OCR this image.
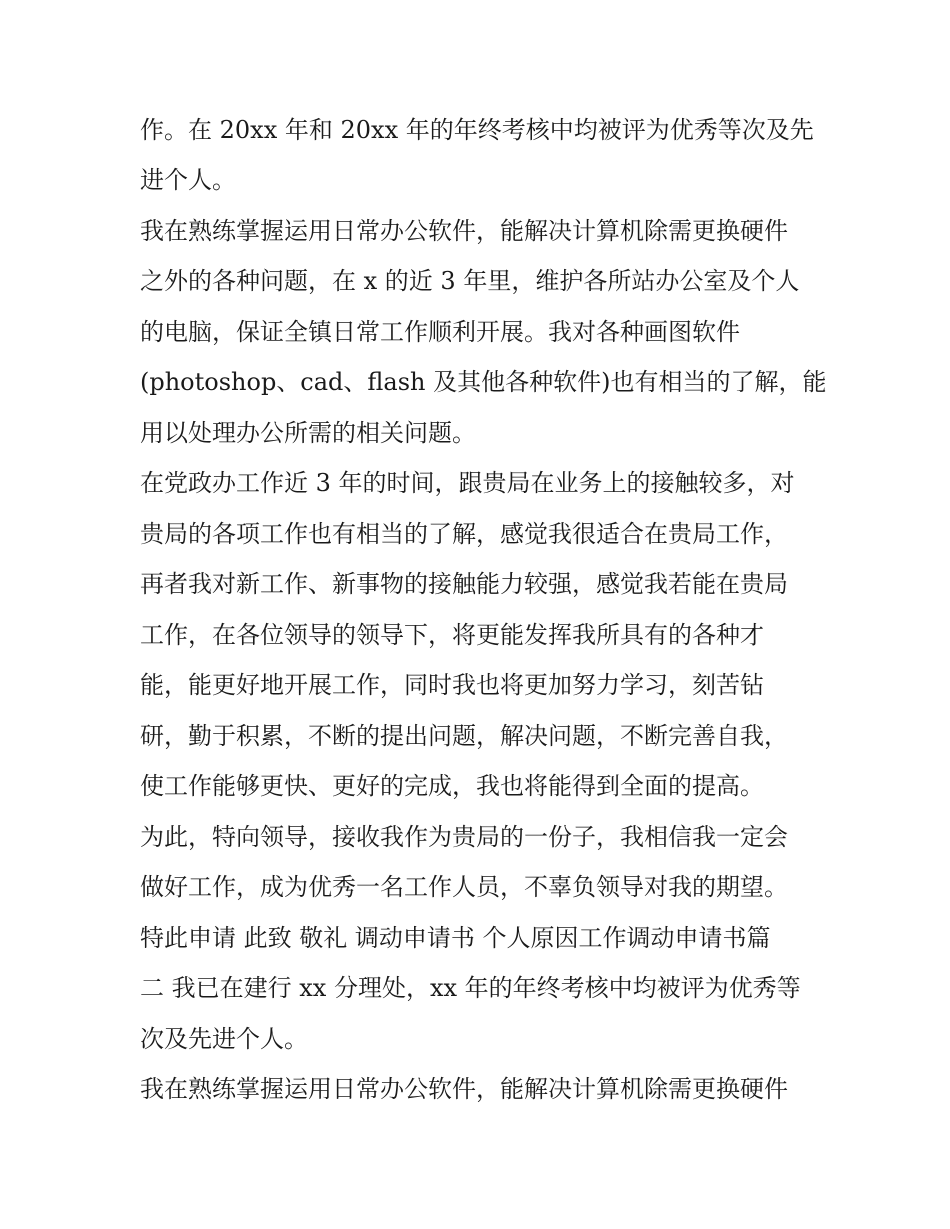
作。在 20xx 年和 20xx 年的年终考核中均被评为优秀等次及先
进个人。
我在熟练掌握运用日常办公软件，能解决计算机除需更换硬件
之外的各种问题，在 x 的近 3 年里，维护各所站办公室及个人
的电脑，保证全镇日常工作顺利开展。我对各种画图软件
(photoshop、cad、flash 及其他各种软件)也有相当的了解，能
用以处理办公所需的相关问题。
在党政办工作近 3 年的时间，跟贵局在业务上的接触较多，对
贵局的各项工作也有相当的了解，感觉我很适合在贵局工作，
再者我对新工作、新事物的接触能力较强，感觉我若能在贵局
工作，在各位领导的领导下，将更能发挥我所具有的各种才
能，能更好地开展工作，同时我也将更加努力学习，刻苦钻
研，勤于积累，不断的提出问题，解决问题，不断完善自我，
使工作能够更快、更好的完成，我也将能得到全面的提高。
为此，特向领导，接收我作为贵局的一份子，我相信我一定会
做好工作，成为优秀一名工作人员，不辜负领导对我的期望。
特此申请 此致 敬礼 调动申请书 个人原因工作调动申请书篇
二 我已在建行 xx 分理处，xx 年的年终考核中均被评为优秀等
次及先进个人。
我在熟练掌握运用日常办公软件，能解决计算机除需更换硬件
